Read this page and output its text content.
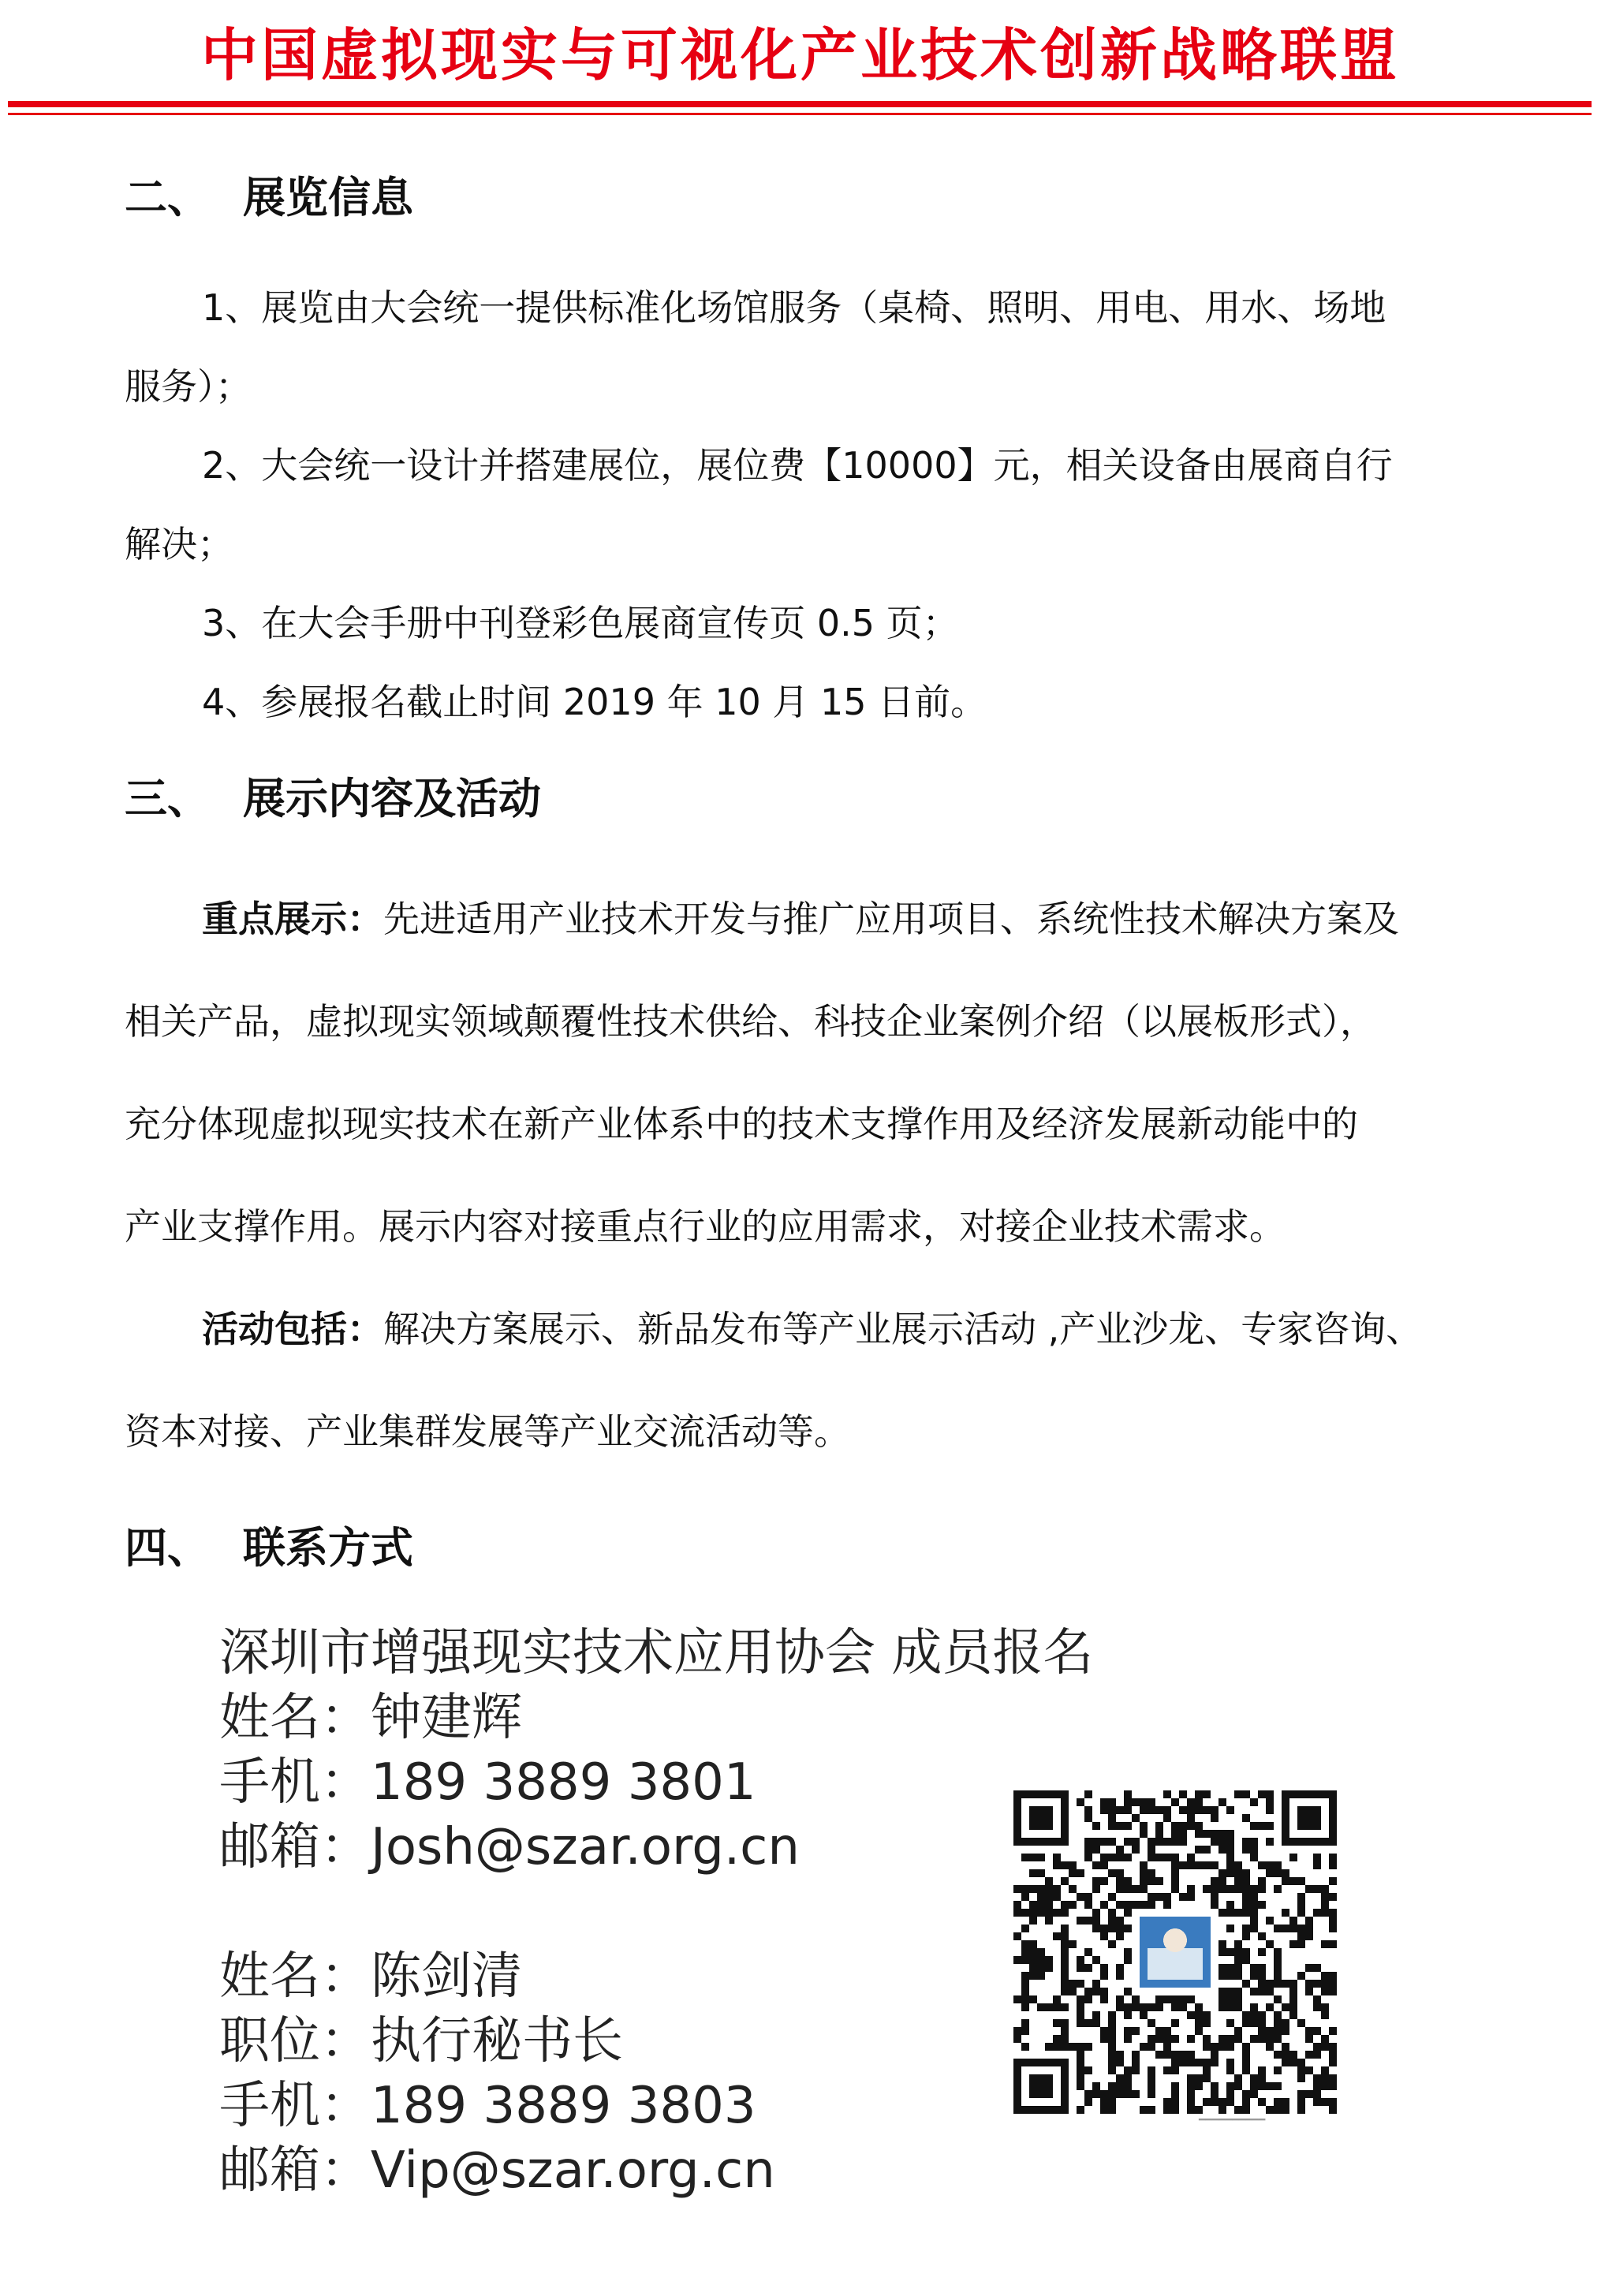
中国虚拟现实与可视化产业技术创新战略联盟
二、 展览信息
1、展览由大会统一提供标准化场馆服务（桌椅、照明、用电、用水、场地
服务）；
2、大会统一设计并搭建展位，展位费【10000】元，相关设备由展商自行
解决；
3、在大会手册中刊登彩色展商宣传页 0.5 页；
4、参展报名截止时间 2019 年 10 月 15 日前。
三、 展示内容及活动
重点展示：先进适用产业技术开发与推广应用项目、系统性技术解决方案及
相关产品，虚拟现实领域颠覆性技术供给、科技企业案例介绍（以展板形式），
充分体现虚拟现实技术在新产业体系中的技术支撑作用及经济发展新动能中的
产业支撑作用。展示内容对接重点行业的应用需求，对接企业技术需求。
活动包括：解决方案展示、新品发布等产业展示活动 ,产业沙龙、专家咨询、
资本对接、产业集群发展等产业交流活动等。
四、 联系方式
深圳市增强现实技术应用协会 成员报名
姓名：钟建辉
手机：189 3889 3801
邮箱：Josh@szar.org.cn
姓名：陈剑清
职位：执行秘书长
手机：189 3889 3803
邮箱：Vip@szar.org.cn
━━━━━━━━━━
